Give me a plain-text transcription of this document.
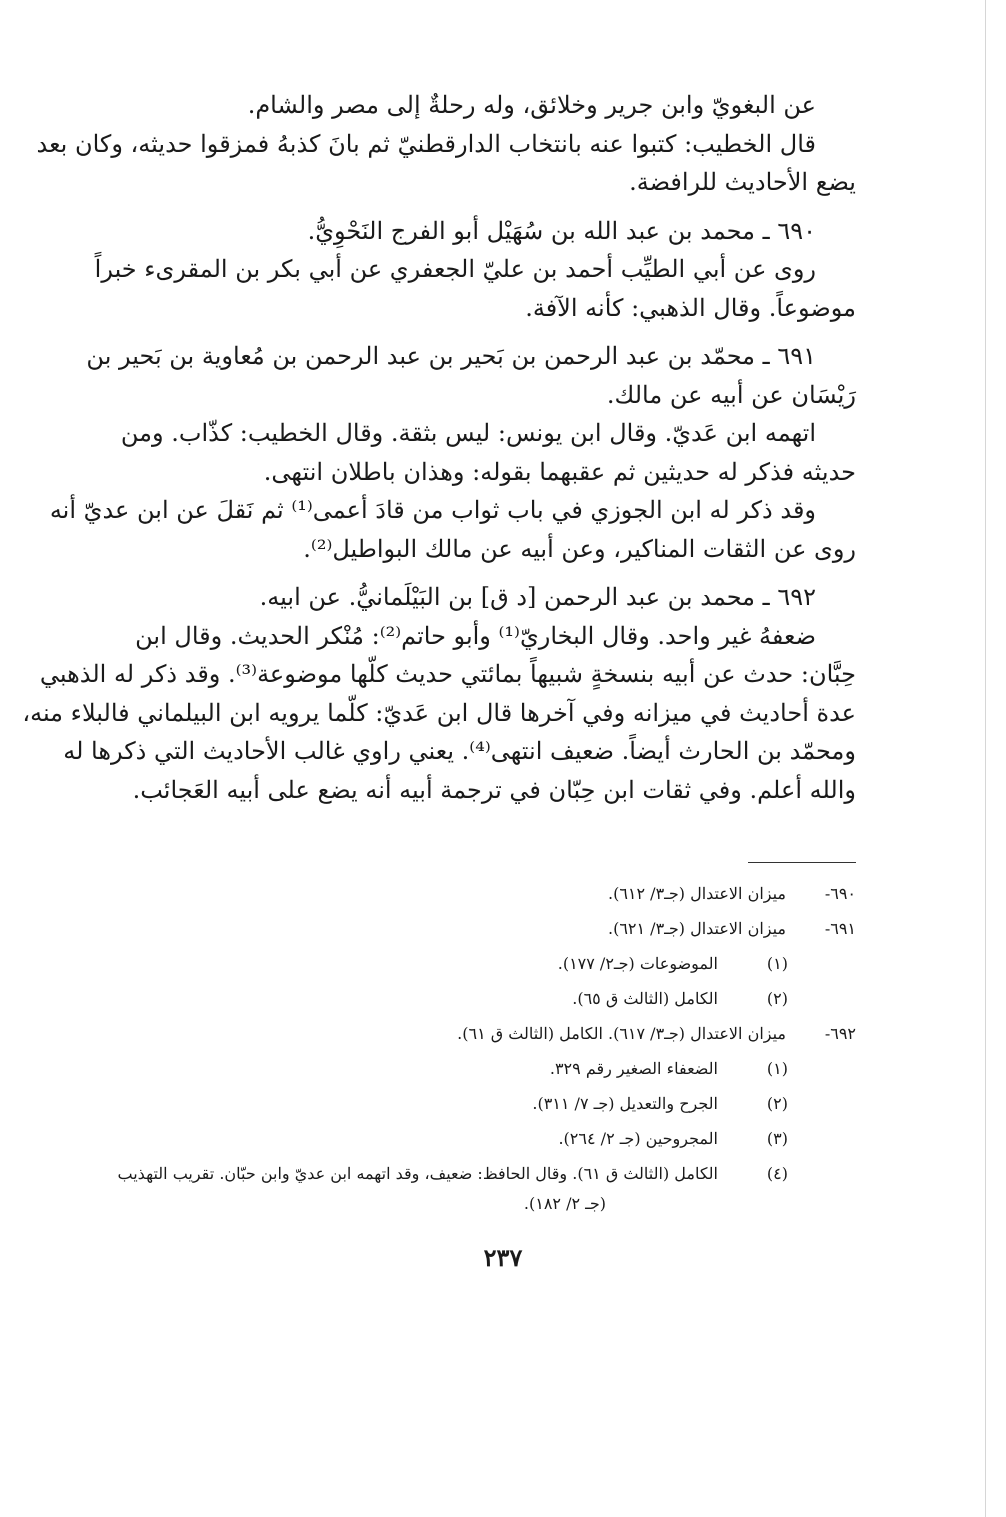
عن البغويّ وابن جرير وخلائق، وله رحلةٌ إلى مصر والشام.
قال الخطيب: كتبوا عنه بانتخاب الدارقطنيّ ثم بانَ كذبهُ فمزقوا حديثه، وكان بعد
يضع الأحاديث للرافضة.
٦٩٠ ـ محمد بن عبد الله بن سُهَيْل أبو الفرج النَحْوِيُّ.
روى عن أبي الطيِّب أحمد بن عليّ الجعفري عن أبي بكر بن المقرىء خبراً
موضوعاً. وقال الذهبي: كأنه الآفة.
٦٩١ ـ محمّد بن عبد الرحمن بن بَحير بن عبد الرحمن بن مُعاوية بن بَحير بن
رَيْسَان عن أبيه عن مالك.
اتهمه ابن عَديّ. وقال ابن يونس: ليس بثقة. وقال الخطيب: كذّاب. ومن
حديثه فذكر له حديثين ثم عقبهما بقوله: وهذان باطلان انتهى.
وقد ذكر له ابن الجوزي في باب ثواب من قادَ أعمى⁽¹⁾ ثم نَقلَ عن ابن عديّ أنه
روى عن الثقات المناكير، وعن أبيه عن مالك البواطيل⁽²⁾.
٦٩٢ ـ محمد بن عبد الرحمن [د ق] بن البَيْلَمانيُّ. عن ابيه.
ضعفهُ غير واحد. وقال البخاريّ⁽¹⁾ وأبو حاتم⁽²⁾: مُنْكر الحديث. وقال ابن
حِبَّان: حدث عن أبيه بنسخةٍ شبيهاً بمائتي حديث كلّها موضوعة⁽³⁾. وقد ذكر له الذهبي
عدة أحاديث في ميزانه وفي آخرها قال ابن عَديّ: كلّما يرويه ابن البيلماني فالبلاء منه،
ومحمّد بن الحارث أيضاً. ضعيف انتهى⁽⁴⁾. يعني راوي غالب الأحاديث التي ذكرها له
والله أعلم. وفي ثقات ابن حِبّان في ترجمة أبيه أنه يضع على أبيه العَجائب.
٦٩٠-
ميزان الاعتدال (جـ٣/ ٦١٢).
٦٩١-
ميزان الاعتدال (جـ٣/ ٦٢١).
(١)
الموضوعات (جـ٢/ ١٧٧).
(٢)
الكامل (الثالث ق ٦٥).
٦٩٢-
ميزان الاعتدال (جـ٣/ ٦١٧). الكامل (الثالث ق ٦١).
(١)
الضعفاء الصغير رقم ٣٢٩.
(٢)
الجرح والتعديل (جـ ٧/ ٣١١).
(٣)
المجروحين (جـ ٢/ ٢٦٤).
(٤)
الكامل (الثالث ق ٦١). وقال الحافظ: ضعيف، وقد اتهمه ابن عديّ وابن حبّان. تقريب التهذيب
(جـ ٢/ ١٨٢).
٢٣٧
